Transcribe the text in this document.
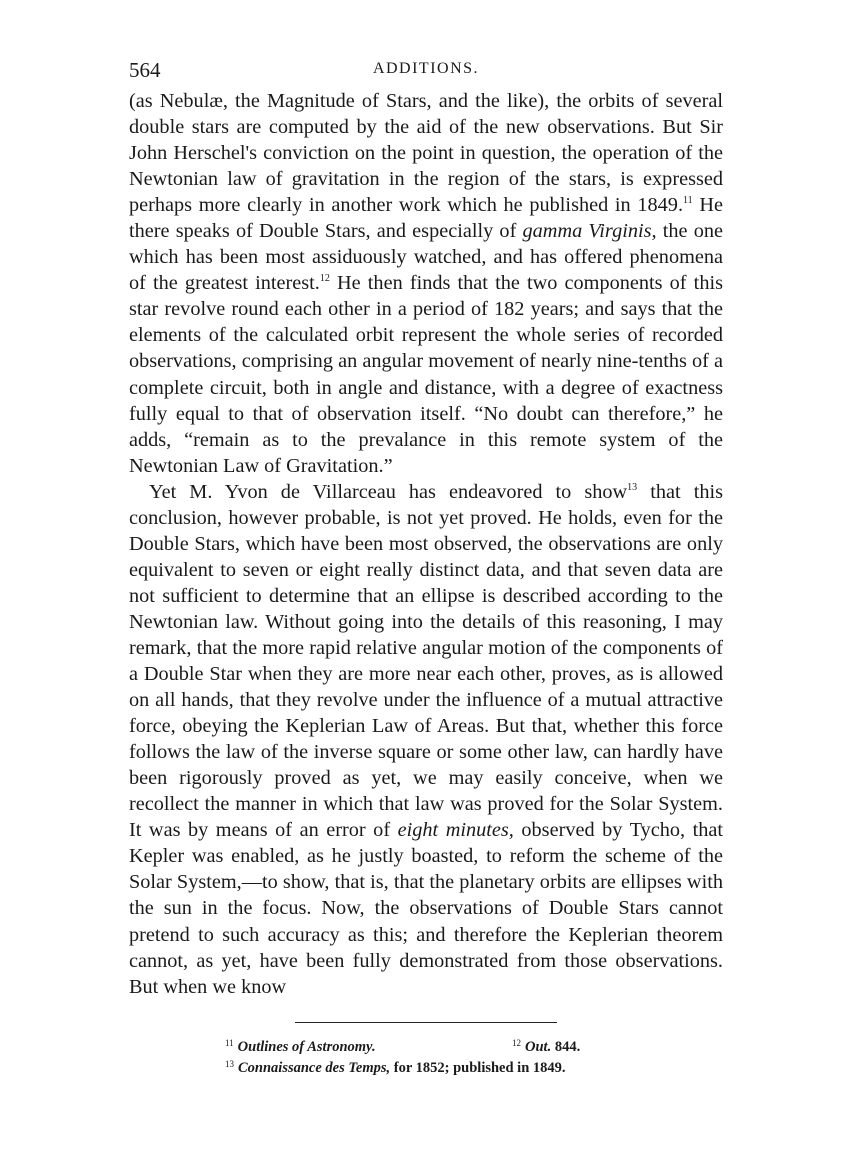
564	ADDITIONS.

(as Nebulæ, the Magnitude of Stars, and the like), the orbits of several double stars are computed by the aid of the new observations. But Sir John Herschel's conviction on the point in question, the operation of the Newtonian law of gravitation in the region of the stars, is expressed perhaps more clearly in another work which he published in 1849.11 He there speaks of Double Stars, and especially of gamma Virginis, the one which has been most assiduously watched, and has offered phenomena of the greatest interest.$^{12}$ He then finds that the two components of this star revolve round each other in a period of 182 years; and says that the elements of the calculated orbit represent the whole series of recorded observations, comprising an angular movement of nearly nine-tenths of a complete circuit, both in angle and distance, with a degree of exactness fully equal to that of observation itself. “No doubt can therefore,” he adds, “remain as to the prevalance in this remote system of the Newtonian Law of Gravitation.”

Yet M. Yvon de Villarceau has endeavored to show$^{13}$ that this conclusion, however probable, is not yet proved. He holds, even for the Double Stars, which have been most observed, the observations are only equivalent to seven or eight really distinct data, and that seven data are not sufficient to determine that an ellipse is described according to the Newtonian law. Without going into the details of this reasoning, I may remark, that the more rapid relative angular motion of the components of a Double Star when they are more near each other, proves, as is allowed on all hands, that they revolve under the influence of a mutual attractive force, obeying the Keplerian Law of Areas. But that, whether this force follows the law of the inverse square or some other law, can hardly have been rigorously proved as yet, we may easily conceive, when we recollect the manner in which that law was proved for the Solar System. It was by means of an error of eight minutes, observed by Tycho, that Kepler was enabled, as he justly boasted, to reform the scheme of the Solar System,—to show, that is, that the planetary orbits are ellipses with the sun in the focus. Now, the observations of Double Stars cannot pretend to such accuracy as this; and therefore the Keplerian theorem cannot, as yet, have been fully demonstrated from those observations. But when we know

$^{11}$ Outlines of Astronomy.	$^{12}$ Out. 844.
$^{13}$ Connaissance des Temps, for 1852; published in 1849.
